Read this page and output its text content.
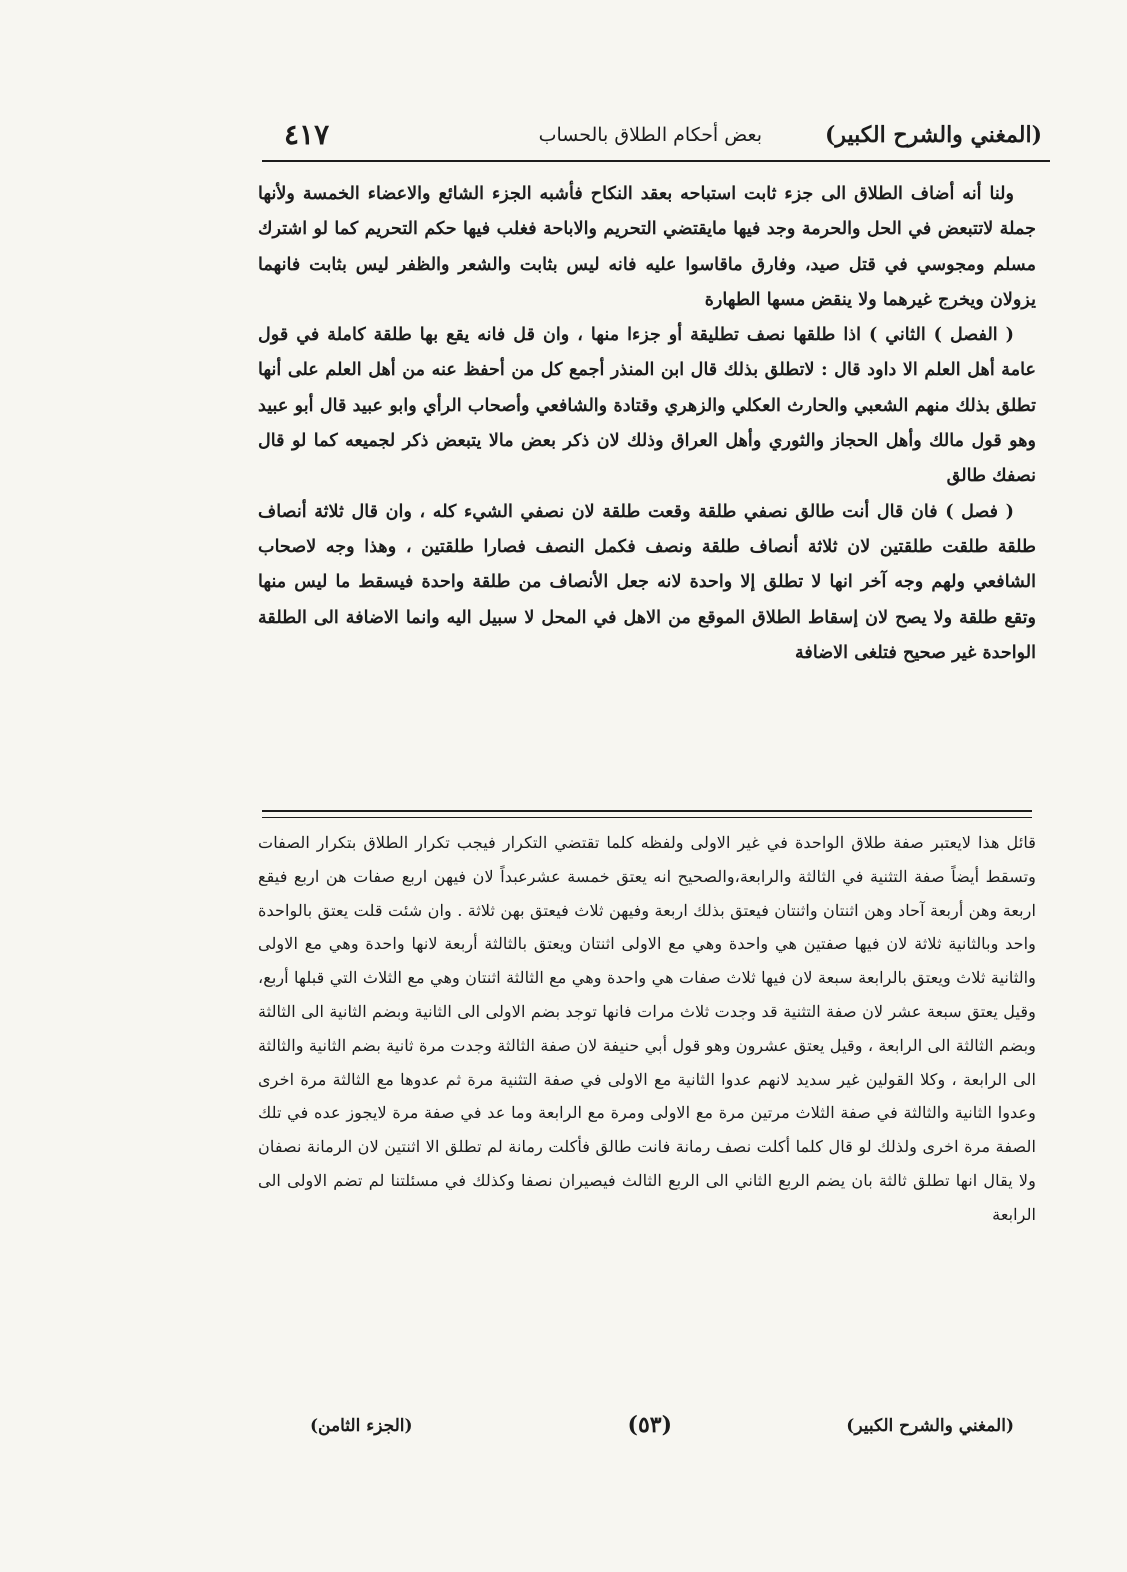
(المغني والشرح الكبير)
بعض أحكام الطلاق بالحساب
٤١٧

ولنا أنه أضاف الطلاق الى جزء ثابت استباحه بعقد النكاح فأشبه الجزء الشائع والاعضاء الخمسة ولأنها جملة لاتتبعض في الحل والحرمة وجد فيها مايقتضي التحريم والاباحة فغلب فيها حكم التحريم كما لو اشترك مسلم ومجوسي في قتل صيد، وفارق ماقاسوا عليه فانه ليس بثابت والشعر والظفر ليس بثابت فانهما يزولان ويخرج غيرهما ولا ينقض مسها الطهارة

( الفصل ) الثاني ) اذا طلقها نصف تطليقة أو جزءا منها ، وان قل فانه يقع بها طلقة كاملة في قول عامة أهل العلم الا داود قال : لاتطلق بذلك قال ابن المنذر أجمع كل من أحفظ عنه من أهل العلم على أنها تطلق بذلك منهم الشعبي والحارث العكلي والزهري وقتادة والشافعي وأصحاب الرأي وابو عبيد قال أبو عبيد وهو قول مالك وأهل الحجاز والثوري وأهل العراق وذلك لان ذكر بعض مالا يتبعض ذكر لجميعه كما لو قال نصفك طالق

( فصل ) فان قال أنت طالق نصفي طلقة وقعت طلقة لان نصفي الشيء كله ، وان قال ثلاثة أنصاف طلقة طلقت طلقتين لان ثلاثة أنصاف طلقة ونصف فكمل النصف فصارا طلقتين ، وهذا وجه لاصحاب الشافعي ولهم وجه آخر انها لا تطلق إلا واحدة لانه جعل الأنصاف من طلقة واحدة فيسقط ما ليس منها وتقع طلقة ولا يصح لان إسقاط الطلاق الموقع من الاهل في المحل لا سبيل اليه وانما الاضافة الى الطلقة الواحدة غير صحيح فتلغى الاضافة

قائل هذا لايعتبر صفة طلاق الواحدة في غير الاولى ولفظه كلما تقتضي التكرار فيجب تكرار الطلاق بتكرار الصفات وتسقط أيضاً صفة التثنية في الثالثة والرابعة،والصحيح انه يعتق خمسة عشرعبداً لان فيهن اربع صفات هن اربع فيقع اربعة وهن أربعة آحاد وهن اثنتان واثنتان فيعتق بذلك اربعة وفيهن ثلاث فيعتق بهن ثلاثة . وان شئت قلت يعتق بالواحدة واحد وبالثانية ثلاثة لان فيها صفتين هي واحدة وهي مع الاولى اثنتان ويعتق بالثالثة أربعة لانها واحدة وهي مع الاولى والثانية ثلاث ويعتق بالرابعة سبعة لان فيها ثلاث صفات هي واحدة وهي مع الثالثة اثنتان وهي مع الثلاث التي قبلها أربع، وقيل يعتق سبعة عشر لان صفة التثنية قد وجدت ثلاث مرات فانها توجد بضم الاولى الى الثانية وبضم الثانية الى الثالثة وبضم الثالثة الى الرابعة ، وقيل يعتق عشرون وهو قول أبي حنيفة لان صفة الثالثة وجدت مرة ثانية بضم الثانية والثالثة الى الرابعة ، وكلا القولين غير سديد لانهم عدوا الثانية مع الاولى في صفة التثنية مرة ثم عدوها مع الثالثة مرة اخرى وعدوا الثانية والثالثة في صفة الثلاث مرتين مرة مع الاولى ومرة مع الرابعة وما عد في صفة مرة لايجوز عده في تلك الصفة مرة اخرى ولذلك لو قال كلما أكلت نصف رمانة فانت طالق فأكلت رمانة لم تطلق الا اثنتين لان الرمانة نصفان ولا يقال انها تطلق ثالثة بان يضم الربع الثاني الى الربع الثالث فيصيران نصفا وكذلك في مسئلتنا لم تضم الاولى الى الرابعة

(المغني والشرح الكبير)
(٥٣)
(الجزء الثامن)
